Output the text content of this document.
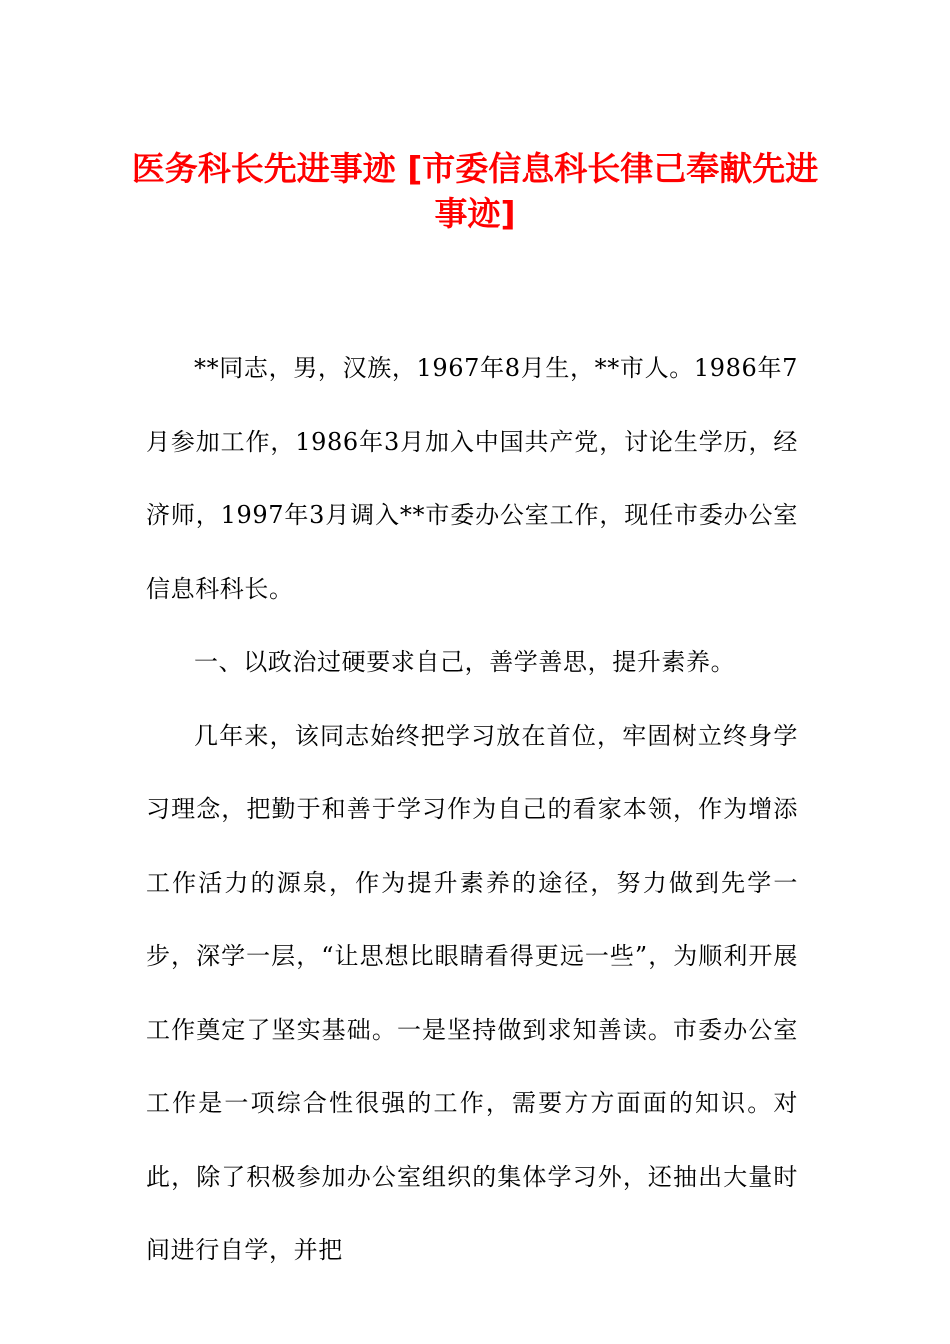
医务科长先进事迹 [市委信息科长律己奉献先进事迹]

**同志，男，汉族，1967年8月生，**市人。1986年7月参加工作，1986年3月加入中国共产党，讨论生学历，经济师，1997年3月调入**市委办公室工作，现任市委办公室信息科科长。

一、以政治过硬要求自己，善学善思，提升素养。

几年来，该同志始终把学习放在首位，牢固树立终身学习理念，把勤于和善于学习作为自己的看家本领，作为增添工作活力的源泉，作为提升素养的途径，努力做到先学一步，深学一层，“让思想比眼睛看得更远一些”，为顺利开展工作奠定了坚实基础。一是坚持做到求知善读。市委办公室工作是一项综合性很强的工作，需要方方面面的知识。对此，除了积极参加办公室组织的集体学习外，还抽出大量时间进行自学，并把
